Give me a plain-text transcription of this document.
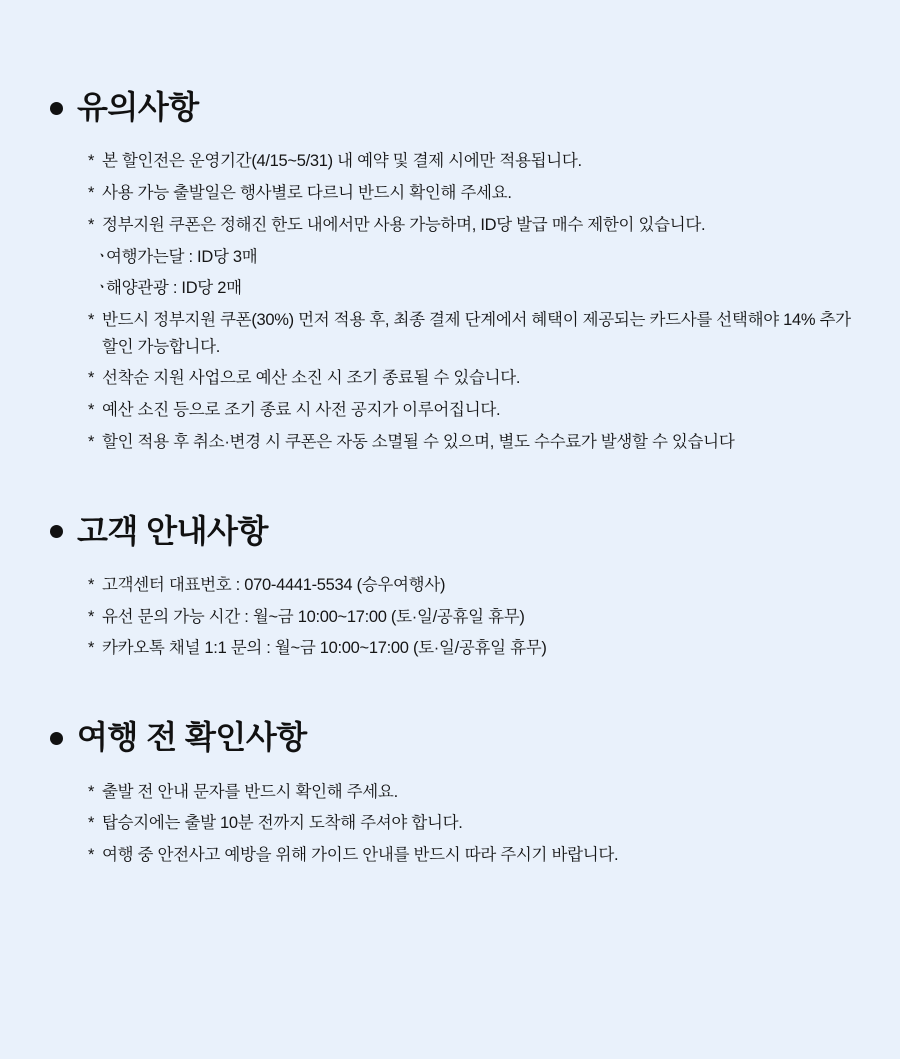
유의사항
* 본 할인전은 운영기간(4/15~5/31) 내 예약 및 결제 시에만 적용됩니다.
* 사용 가능 출발일은 행사별로 다르니 반드시 확인해 주세요.
* 정부지원 쿠폰은 정해진 한도 내에서만 사용 가능하며, ID당 발급 매수 제한이 있습니다.
ㆍ
여행가는달 : ID당 3매
ㆍ
해양관광 : ID당 2매
* 반드시 정부지원 쿠폰(30%) 먼저 적용 후, 최종 결제 단계에서 혜택이 제공되는 카드사를 선택해야 14% 추가할인 가능합니다.
* 선착순 지원 사업으로 예산 소진 시 조기 종료될 수 있습니다.
* 예산 소진 등으로 조기 종료 시 사전 공지가 이루어집니다.
* 할인 적용 후 취소·변경 시 쿠폰은 자동 소멸될 수 있으며, 별도 수수료가 발생할 수 있습니다
고객 안내사항
* 고객센터 대표번호 : 070-4441-5534 (승우여행사)
* 유선 문의 가능 시간 : 월~금 10:00~17:00 (토·일/공휴일 휴무)
* 카카오톡 채널 1:1 문의 : 월~금 10:00~17:00 (토·일/공휴일 휴무)
여행 전 확인사항
* 출발 전 안내 문자를 반드시 확인해 주세요.
* 탑승지에는 출발 10분 전까지 도착해 주셔야 합니다.
* 여행 중 안전사고 예방을 위해 가이드 안내를 반드시 따라 주시기 바랍니다.
